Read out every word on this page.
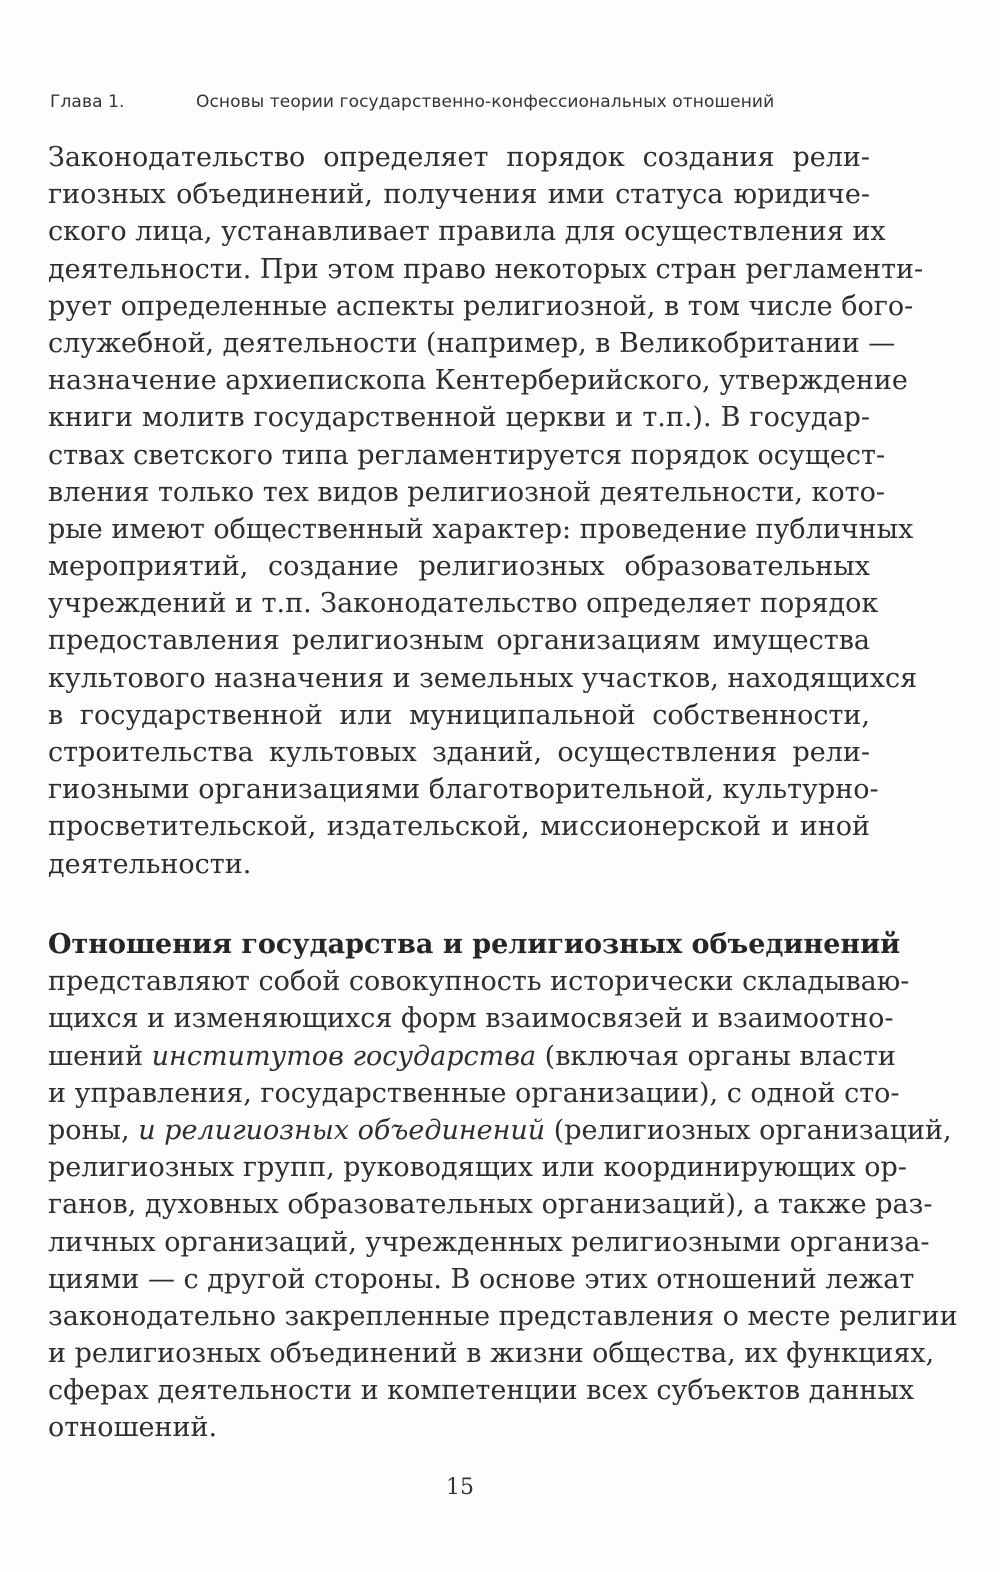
Глава 1.	Основы теории государственно-конфессиональных отношений
Законодательство определяет порядок создания рели-
гиозных объединений, получения ими статуса юридиче-
ского лица, устанавливает правила для осуществления их
деятельности. При этом право некоторых стран регламенти-
рует определенные аспекты религиозной, в том числе бого-
служебной, деятельности (например, в Великобритании —
назначение архиепископа Кентерберийского, утверждение
книги молитв государственной церкви и т.п.). В государ-
ствах светского типа регламентируется порядок осущест-
вления только тех видов религиозной деятельности, кото-
рые имеют общественный характер: проведение публичных
мероприятий, создание религиозных образовательных
учреждений и т.п. Законодательство определяет порядок
предоставления религиозным организациям имущества
культового назначения и земельных участков, находящихся
в государственной или муниципальной собственности,
строительства культовых зданий, осуществления рели-
гиозными организациями благотворительной, культурно-
просветительской, издательской, миссионерской и иной
деятельности.
Отношения государства и религиозных объединений
представляют собой совокупность исторически складываю-
щихся и изменяющихся форм взаимосвязей и взаимоотно-
шений институтов государства (включая органы власти
и управления, государственные организации), с одной сто-
роны, и религиозных объединений (религиозных организаций,
религиозных групп, руководящих или координирующих ор-
ганов, духовных образовательных организаций), а также раз-
личных организаций, учрежденных религиозными организа-
циями — с другой стороны. В основе этих отношений лежат
законодательно закрепленные представления о месте религии
и религиозных объединений в жизни общества, их функциях,
сферах деятельности и компетенции всех субъектов данных
отношений.
15
